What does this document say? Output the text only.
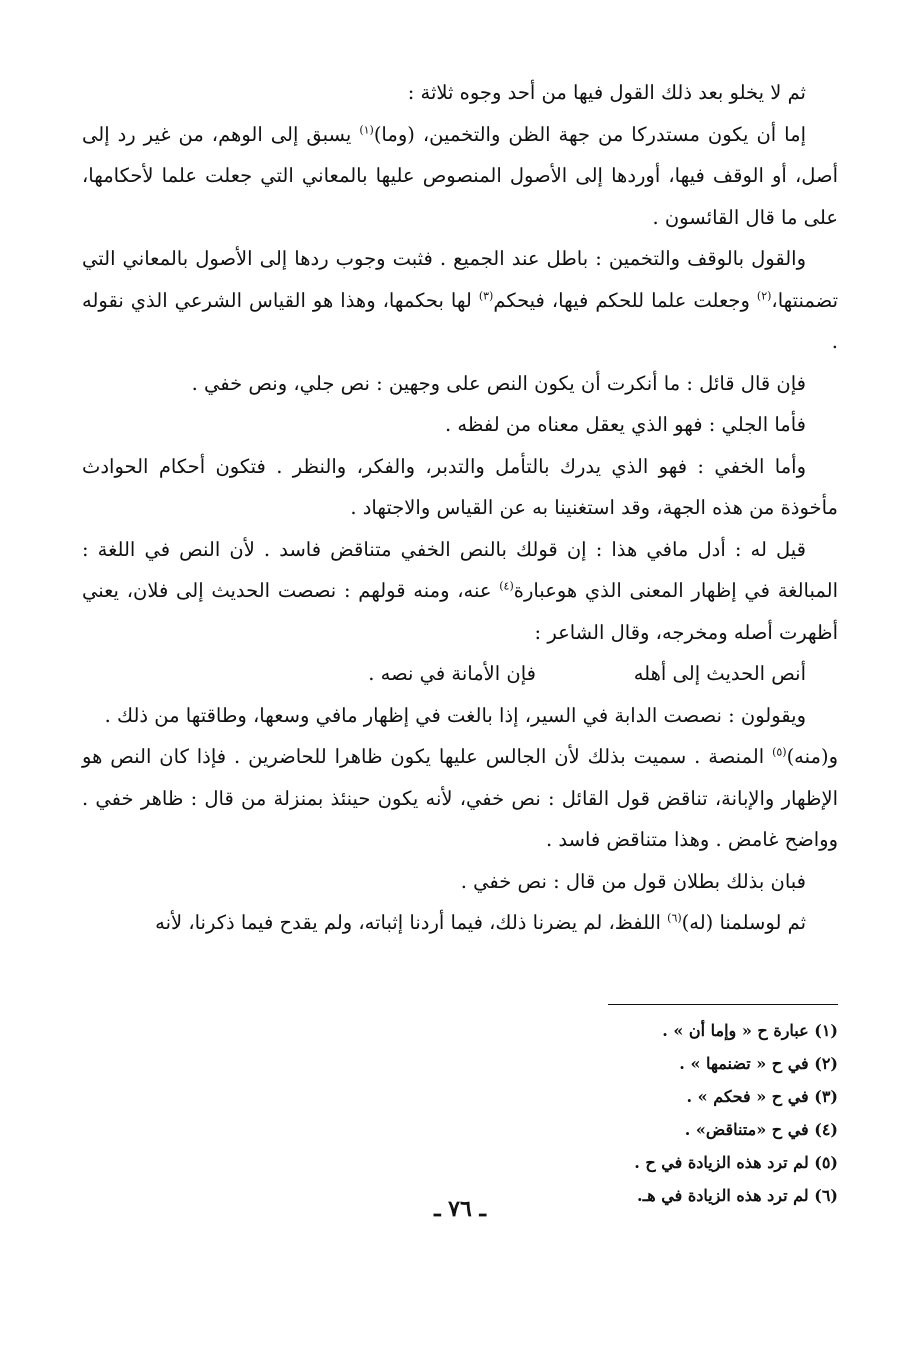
ثم لا يخلو بعد ذلك القول فيها من أحد وجوه ثلاثة :

إما أن يكون مستدركا من جهة الظن والتخمين، (وما)$^{(١)}$ يسبق إلى الوهم، من غير رد إلى أصل، أو الوقف فيها، أوردها إلى الأصول المنصوص عليها بالمعاني التي جعلت علما لأحكامها، على ما قال القائسون .

والقول بالوقف والتخمين : باطل عند الجميع . فثبت وجوب ردها إلى الأصول بالمعاني التي تضمنتها،$^{(٢)}$ وجعلت علما للحكم فيها، فيحكم$^{(٣)}$ لها بحكمها، وهذا هو القياس الشرعي الذي نقوله .

فإن قال قائل : ما أنكرت أن يكون النص على وجهين : نص جلي، ونص خفي .

فأما الجلي : فهو الذي يعقل معناه من لفظه .

وأما الخفي : فهو الذي يدرك بالتأمل والتدبر، والفكر، والنظر . فتكون أحكام الحوادث مأخوذة من هذه الجهة، وقد استغنينا به عن القياس والاجتهاد .

قيل له : أدل مافي هذا : إن قولك بالنص الخفي متناقض فاسد . لأن النص في اللغة : المبالغة في إظهار المعنى الذي هوعبارة$^{(٤)}$ عنه، ومنه قولهم : نصصت الحديث إلى فلان، يعني أظهرت أصله ومخرجه، وقال الشاعر :

أنص الحديث إلى أهله
فإن الأمانة في نصه .

ويقولون : نصصت الدابة في السير، إذا بالغت في إظهار مافي وسعها، وطاقتها من ذلك .

و(منه)$^{(٥)}$ المنصة . سميت بذلك لأن الجالس عليها يكون ظاهرا للحاضرين . فإذا كان النص هو الإظهار والإبانة، تناقض قول القائل : نص خفي، لأنه يكون حينئذ بمنزلة من قال : ظاهر خفي . وواضح غامض . وهذا متناقض فاسد .

فبان بذلك بطلان قول من قال : نص خفي .

ثم لوسلمنا (له)$^{(٦)}$ اللفظ، لم يضرنا ذلك، فيما أردنا إثباته، ولم يقدح فيما ذكرنا، لأنه

(١) عبارة ح « وإما أن » .

(٢) في ح « تضنمها » .

(٣) في ح « فحكم » .

(٤) في ح «متناقض» .

(٥) لم ترد هذه الزيادة في ح .

(٦) لم ترد هذه الزيادة في هـ.

ـ ٧٦ ـ
